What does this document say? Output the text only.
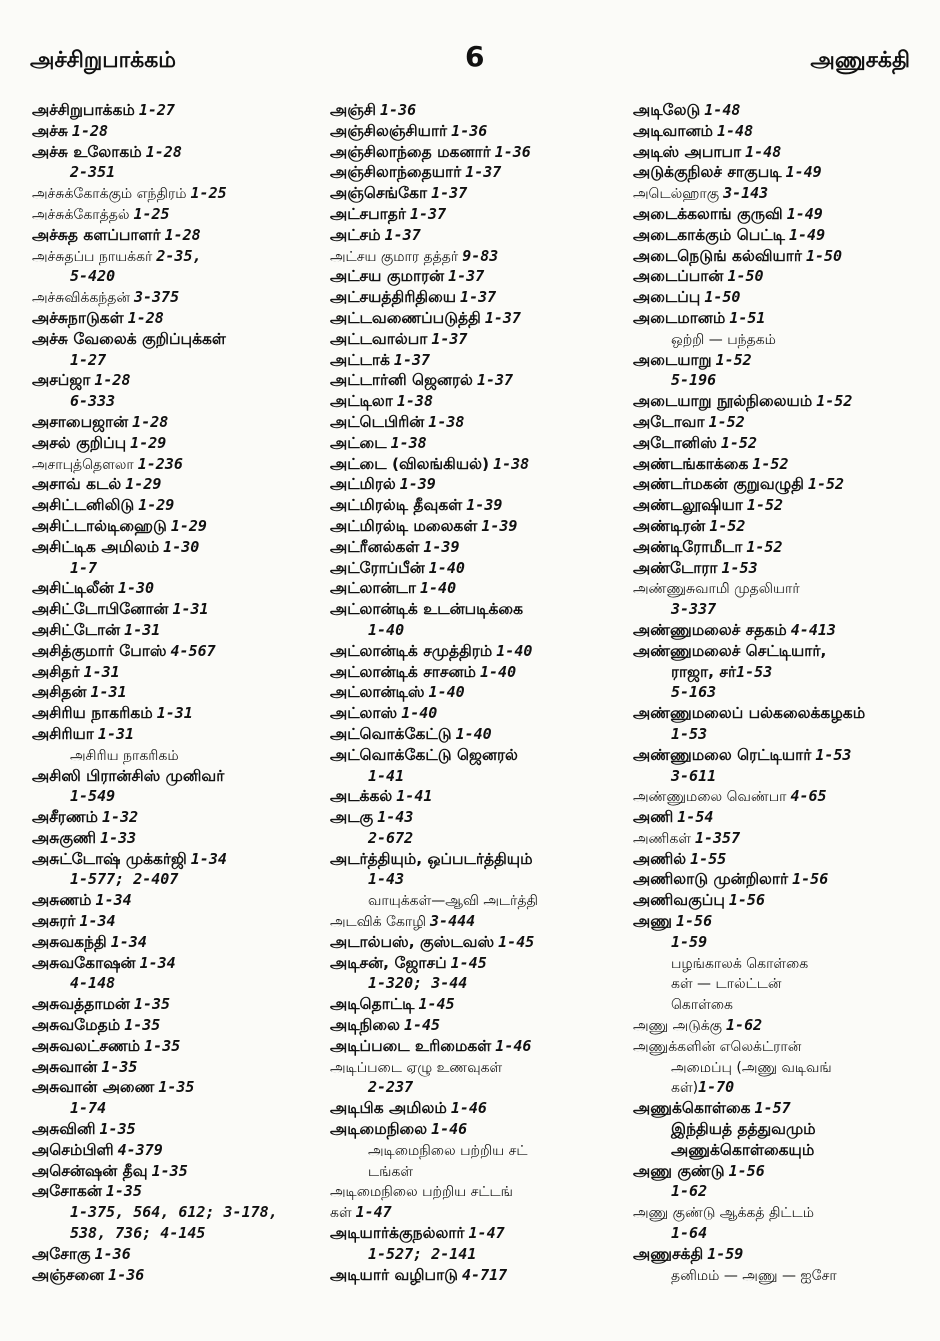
அச்சிறுபாக்கம்	6	அணுசக்தி
அச்சிறுபாக்கம் 1-27
அச்சு 1-28
அச்சு உலோகம் 1-28
2-351
அச்சுக்கோக்கும் எந்திரம் 1-25
அச்சுக்கோத்தல் 1-25
அச்சுத களப்பாளர் 1-28
அச்சுதப்ப நாயக்கர் 2-35,
5-420
அச்சுவிக்கந்தன் 3-375
அச்சுநாடுகள் 1-28
அச்சு வேலைக் குறிப்புக்கள்
1-27
அசப்ஜா 1-28
6-333
அசாபைஜான் 1-28
அசல் குறிப்பு 1-29
அசாபுத்தௌலா 1-236
அசாவ் கடல் 1-29
அசிட்டனிலிடு 1-29
அசிட்டால்டிஹைடு 1-29
அசிட்டிக அமிலம் 1-30
1-7
அசிட்டிலீன் 1-30
அசிட்டோபினோன் 1-31
அசிட்டோன் 1-31
அசித்குமார் போஸ் 4-567
அசிதர் 1-31
அசிதன் 1-31
அசிரிய நாகரிகம் 1-31
அசிரியா 1-31
அசிரிய நாகரிகம்
அசிஸி பிரான்சிஸ் முனிவர்
1-549
அசீரணம் 1-32
அசுகுணி 1-33
அசுட்டோஷ் முக்கர்ஜி 1-34
1-577; 2-407
அசுணம் 1-34
அசுரர் 1-34
அசுவகந்தி 1-34
அசுவகோஷன் 1-34
4-148
அசுவத்தாமன் 1-35
அசுவமேதம் 1-35
அசுவலட்சணம் 1-35
அசுவான் 1-35
அசுவான் அணை 1-35
1-74
அசுவினி 1-35
அசெம்பிளி 4-379
அசென்ஷன் தீவு 1-35
அசோகன் 1-35
1-375, 564, 612; 3-178,
538, 736; 4-145
அசோகு 1-36
அஞ்சனை 1-36
அஞ்சி 1-36
அஞ்சிலஞ்சியார் 1-36
அஞ்சிலாந்தை மகனார் 1-36
அஞ்சிலாந்தையார் 1-37
அஞ்செங்கோ 1-37
அட்சபாதர் 1-37
அட்சம் 1-37
அட்சய குமார தத்தர் 9-83
அட்சய குமாரன் 1-37
அட்சயத்திரிதியை 1-37
அட்டவணைப்படுத்தி 1-37
அட்டவால்பா 1-37
அட்டாக் 1-37
அட்டார்னி ஜெனரல் 1-37
அட்டிலா 1-38
அட்டெபிரின் 1-38
அட்டை 1-38
அட்டை (விலங்கியல்) 1-38
அட்மிரல் 1-39
அட்மிரல்டி தீவுகள் 1-39
அட்மிரல்டி மலைகள் 1-39
அட்ரீனல்கள் 1-39
அட்ரோப்பீன் 1-40
அட்லான்டா 1-40
அட்லான்டிக் உடன்படிக்கை
1-40
அட்லான்டிக் சமுத்திரம் 1-40
அட்லான்டிக் சாசனம் 1-40
அட்லான்டிஸ் 1-40
அட்லாஸ் 1-40
அட்வொக்கேட்டு 1-40
அட்வொக்கேட்டு ஜெனரல்
1-41
அடக்கல் 1-41
அடகு 1-43
2-672
அடர்த்தியும், ஒப்படர்த்தியும்
1-43
வாயுக்கள்—ஆவி அடர்த்தி
அடவிக் கோழி 3-444
அடால்பஸ், குஸ்டவஸ் 1-45
அடிசன், ஜோசப் 1-45
1-320; 3-44
அடிதொட்டி 1-45
அடிநிலை 1-45
அடிப்படை உரிமைகள் 1-46
அடிப்படை ஏழு உணவுகள்
2-237
அடிபிக அமிலம் 1-46
அடிமைநிலை 1-46
அடிமைநிலை பற்றிய சட்
டங்கள்
அடிமைநிலை பற்றிய சட்டங்
கள் 1-47
அடியார்க்குநல்லார் 1-47
1-527; 2-141
அடியார் வழிபாடு 4-717
அடிலேடு 1-48
அடிவானம் 1-48
அடிஸ் அபாபா 1-48
அடுக்குநிலச் சாகுபடி 1-49
அடெல்ஹாகு 3-143
அடைக்கலாங் குருவி 1-49
அடைகாக்கும் பெட்டி 1-49
அடைநெடுங் கல்வியார் 1-50
அடைப்பான் 1-50
அடைப்பு 1-50
அடைமானம் 1-51
ஒற்றி — பந்தகம்
அடையாறு 1-52
5-196
அடையாறு நூல்நிலையம் 1-52
அடோவா 1-52
அடோனிஸ் 1-52
அண்டங்காக்கை 1-52
அண்டர்மகன் குறுவழுதி 1-52
அண்டலூஷியா 1-52
அண்டிரன் 1-52
அண்டிரோமீடா 1-52
அண்டோரா 1-53
அண்ணுசுவாமி முதலியார்
3-337
அண்ணுமலைச் சதகம் 4-413
அண்ணுமலைச் செட்டியார்,
ராஜா, சர்1-53
5-163
அண்ணுமலைப் பல்கலைக்கழகம்
1-53
அண்ணுமலை ரெட்டியார் 1-53
3-611
அண்ணுமலை வெண்பா 4-65
அணி 1-54
அணிகள் 1-357
அணில் 1-55
அணிலாடு முன்றிலார் 1-56
அணிவகுப்பு 1-56
அணு 1-56
1-59
பழங்காலக் கொள்கை
கள் — டால்ட்டன்
கொள்கை
அணு அடுக்கு 1-62
அணுக்களின் எலெக்ட்ரான்
அமைப்பு (அணு வடிவங்
கள்)1-70
அணுக்கொள்கை 1-57
இந்தியத் தத்துவமும்
அணுக்கொள்கையும்
அணு குண்டு 1-56
1-62
அணு குண்டு ஆக்கத் திட்டம்
1-64
அணுசக்தி 1-59
தனிமம் — அணு — ஐசோ
